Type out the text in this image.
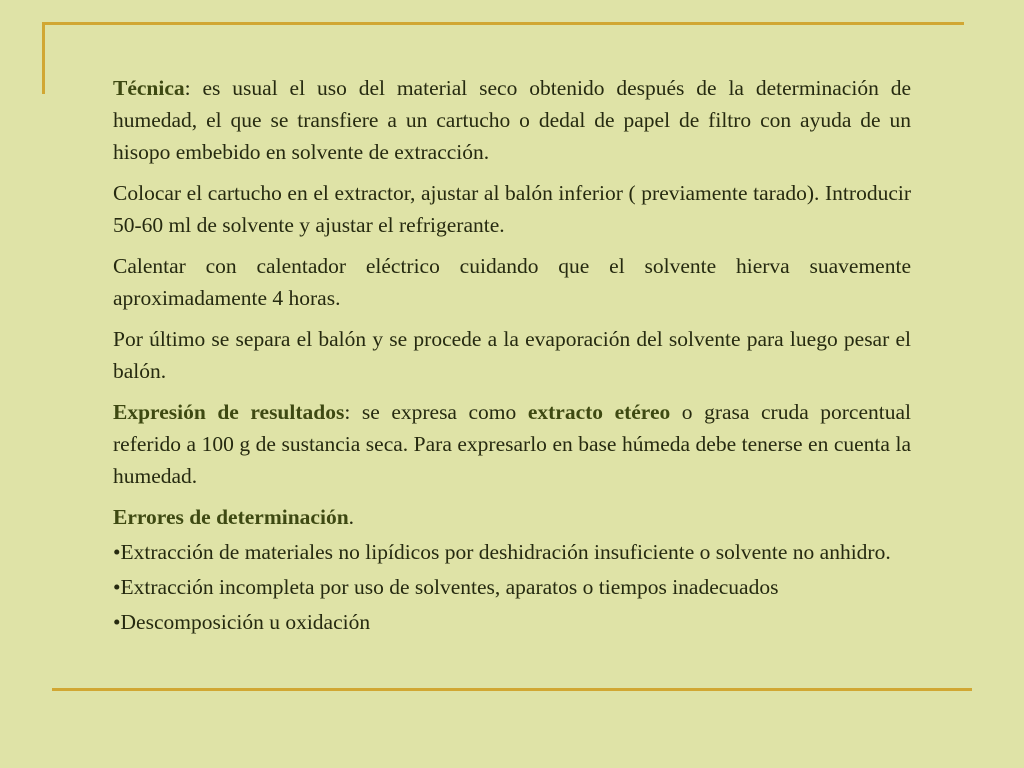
Técnica: es usual el uso del material seco obtenido después de la determinación de humedad, el que se transfiere a un cartucho o dedal de papel de filtro con ayuda de un hisopo embebido en solvente de extracción.

Colocar el cartucho en el extractor, ajustar al balón inferior ( previamente tarado). Introducir 50-60 ml de solvente y ajustar el refrigerante.

Calentar con calentador eléctrico cuidando que el solvente hierva suavemente aproximadamente 4 horas.

Por último se separa el balón y se procede a la evaporación del solvente para luego pesar el balón.

Expresión de resultados: se expresa como extracto etéreo o grasa cruda porcentual referido a 100 g de sustancia seca. Para expresarlo en base húmeda debe tenerse en cuenta la humedad.

Errores de determinación.

•Extracción de materiales no lipídicos por deshidración insuficiente o solvente no anhidro.

•Extracción incompleta por uso de solventes, aparatos o tiempos inadecuados

•Descomposición u oxidación
